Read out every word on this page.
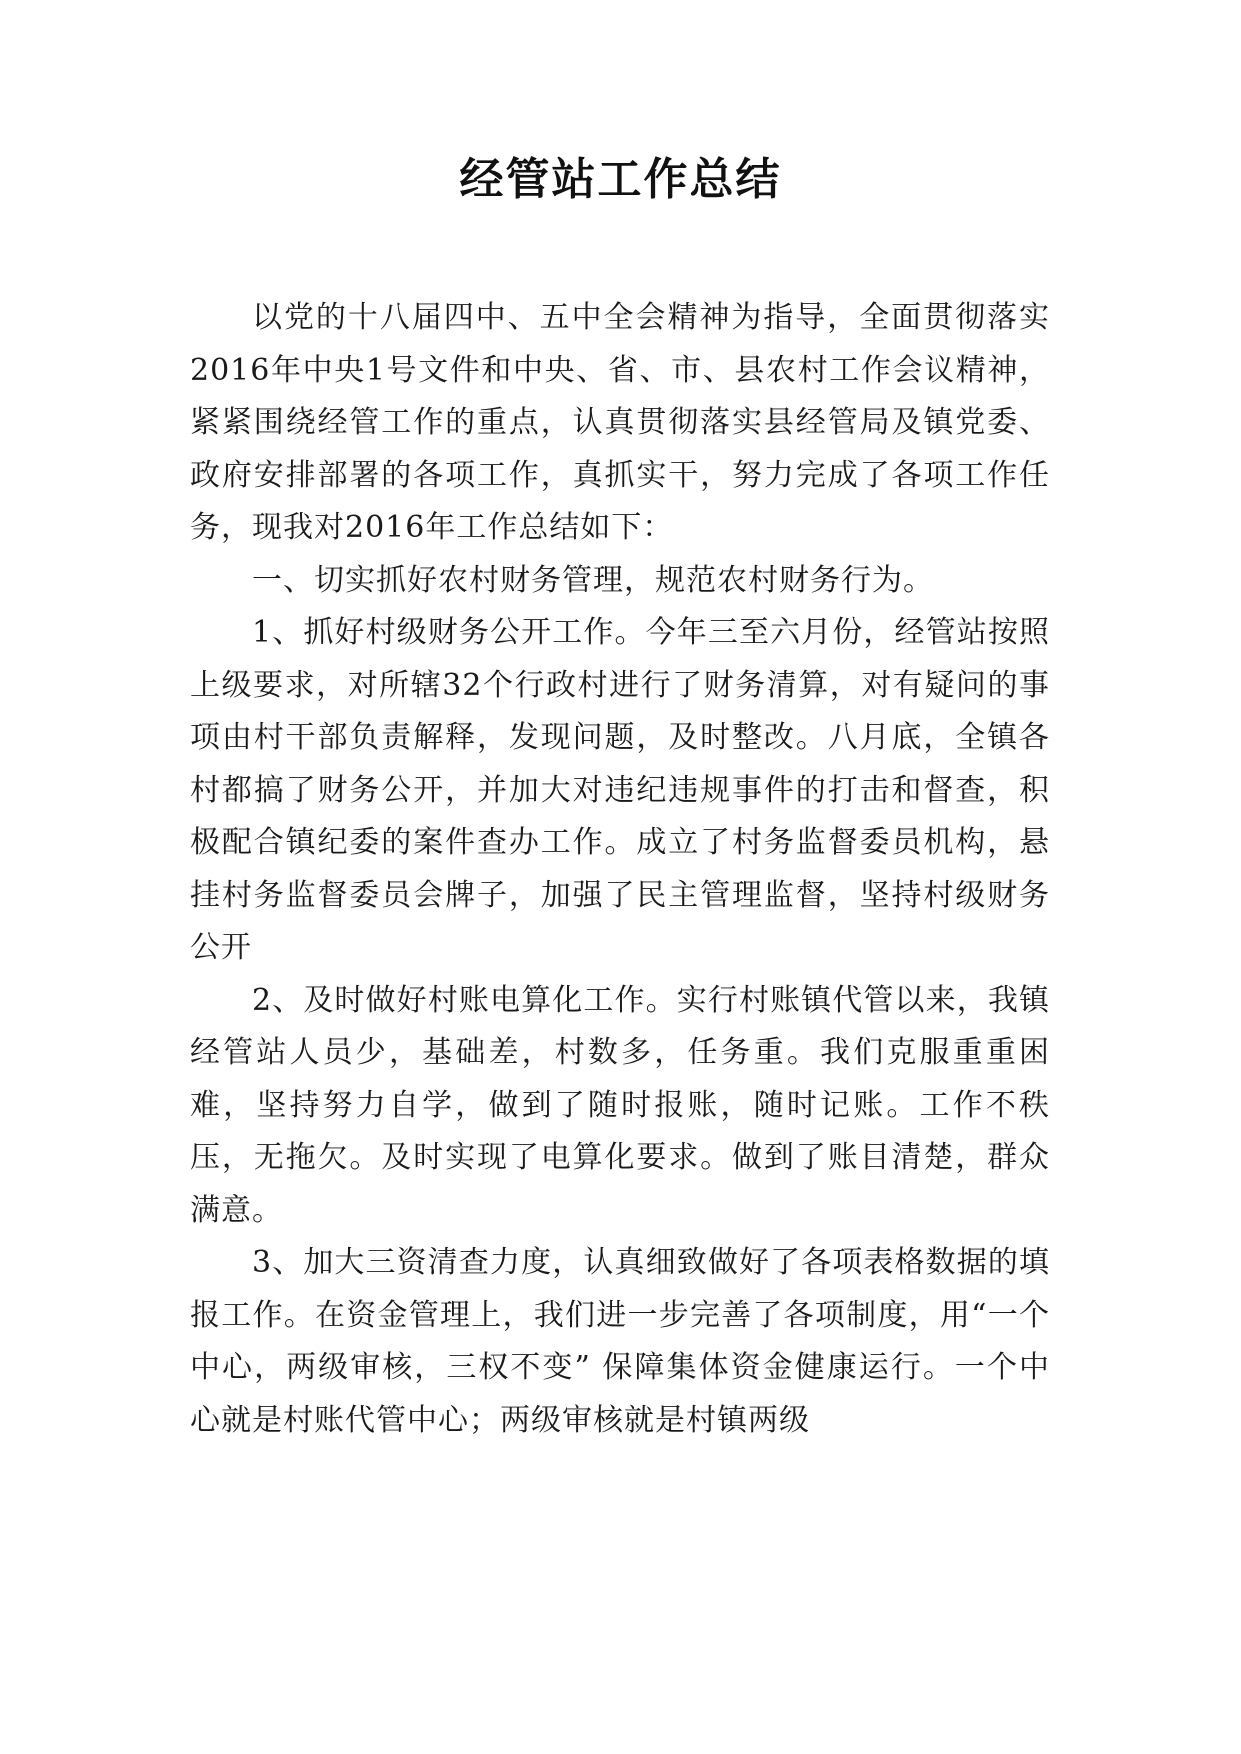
经管站工作总结

以党的十八届四中、五中全会精神为指导，全面贯彻落实2016年中央1号文件和中央、省、市、县农村工作会议精神，紧紧围绕经管工作的重点，认真贯彻落实县经管局及镇党委、政府安排部署的各项工作，真抓实干，努力完成了各项工作任务，现我对2016年工作总结如下：

一、切实抓好农村财务管理，规范农村财务行为。

1、抓好村级财务公开工作。今年三至六月份，经管站按照上级要求，对所辖32个行政村进行了财务清算，对有疑问的事项由村干部负责解释，发现问题，及时整改。八月底，全镇各村都搞了财务公开，并加大对违纪违规事件的打击和督查，积极配合镇纪委的案件查办工作。成立了村务监督委员机构，悬挂村务监督委员会牌子，加强了民主管理监督，坚持村级财务公开

2、及时做好村账电算化工作。实行村账镇代管以来，我镇经管站人员少，基础差，村数多，任务重。我们克服重重困难，坚持努力自学，做到了随时报账，随时记账。工作不秩压，无拖欠。及时实现了电算化要求。做到了账目清楚，群众满意。

3、加大三资清查力度，认真细致做好了各项表格数据的填报工作。在资金管理上，我们进一步完善了各项制度，用“一个中心，两级审核，三权不变” 保障集体资金健康运行。一个中心就是村账代管中心；两级审核就是村镇两级
